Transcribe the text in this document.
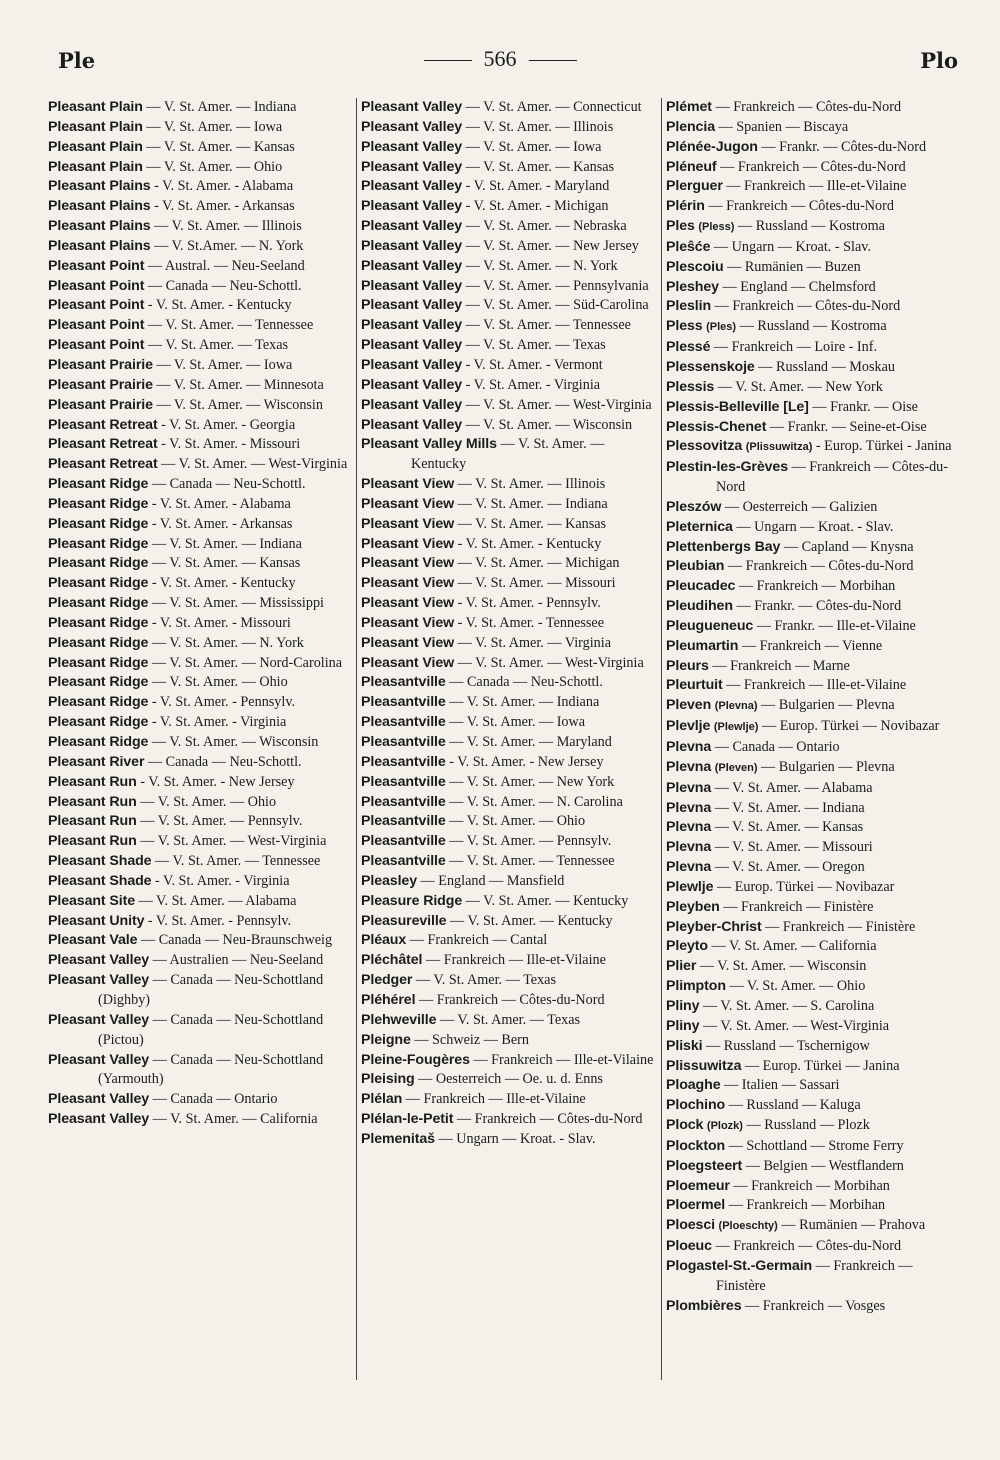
Ple	566	Plo
Pleasant Plain — V. St. Amer. — Indiana
Pleasant Plain — V. St. Amer. — Iowa
Pleasant Plain — V. St. Amer. — Kansas
Pleasant Plain — V. St. Amer. — Ohio
Pleasant Plains - V. St. Amer. - Alabama
Pleasant Plains - V. St. Amer. - Arkansas
Pleasant Plains — V. St. Amer. — Illinois
Pleasant Plains — V. St.Amer. — N. York
Pleasant Point — Austral. — Neu-Seeland
Pleasant Point — Canada — Neu-Schottl.
Pleasant Point - V. St. Amer. - Kentucky
Pleasant Point — V. St. Amer. — Tennessee
Pleasant Point — V. St. Amer. — Texas
Pleasant Prairie — V. St. Amer. — Iowa
Pleasant Prairie — V. St. Amer. — Minnesota
Pleasant Prairie — V. St. Amer. — Wisconsin
Pleasant Retreat - V. St. Amer. - Georgia
Pleasant Retreat - V. St. Amer. - Missouri
Pleasant Retreat — V. St. Amer. — West-Virginia
Pleasant Ridge — Canada — Neu-Schottl.
Pleasant Ridge - V. St. Amer. - Alabama
Pleasant Ridge - V. St. Amer. - Arkansas
Pleasant Ridge — V. St. Amer. — Indiana
Pleasant Ridge — V. St. Amer. — Kansas
Pleasant Ridge - V. St. Amer. - Kentucky
Pleasant Ridge — V. St. Amer. — Mississippi
Pleasant Ridge - V. St. Amer. - Missouri
Pleasant Ridge — V. St. Amer. — N. York
Pleasant Ridge — V. St. Amer. — Nord-Carolina
Pleasant Ridge — V. St. Amer. — Ohio
Pleasant Ridge - V. St. Amer. - Pennsylv.
Pleasant Ridge - V. St. Amer. - Virginia
Pleasant Ridge — V. St. Amer. — Wisconsin
Pleasant River — Canada — Neu-Schottl.
Pleasant Run - V. St. Amer. - New Jersey
Pleasant Run — V. St. Amer. — Ohio
Pleasant Run — V. St. Amer. — Pennsylv.
Pleasant Run — V. St. Amer. — West-Virginia
Pleasant Shade — V. St. Amer. — Tennessee
Pleasant Shade - V. St. Amer. - Virginia
Pleasant Site — V. St. Amer. — Alabama
Pleasant Unity - V. St. Amer. - Pennsylv.
Pleasant Vale — Canada — Neu-Braunschweig
Pleasant Valley — Australien — Neu-Seeland
Pleasant Valley — Canada — Neu-Schottland (Dighby)
Pleasant Valley — Canada — Neu-Schottland (Pictou)
Pleasant Valley — Canada — Neu-Schottland (Yarmouth)
Pleasant Valley — Canada — Ontario
Pleasant Valley — V. St. Amer. — California
Pleasant Valley — V. St. Amer. — Connecticut
Pleasant Valley — V. St. Amer. — Illinois
Pleasant Valley — V. St. Amer. — Iowa
Pleasant Valley — V. St. Amer. — Kansas
Pleasant Valley - V. St. Amer. - Maryland
Pleasant Valley - V. St. Amer. - Michigan
Pleasant Valley — V. St. Amer. — Nebraska
Pleasant Valley — V. St. Amer. — New Jersey
Pleasant Valley — V. St. Amer. — N. York
Pleasant Valley — V. St. Amer. — Pennsylvania
Pleasant Valley — V. St. Amer. — Süd-Carolina
Pleasant Valley — V. St. Amer. — Tennessee
Pleasant Valley — V. St. Amer. — Texas
Pleasant Valley - V. St. Amer. - Vermont
Pleasant Valley - V. St. Amer. - Virginia
Pleasant Valley — V. St. Amer. — West-Virginia
Pleasant Valley — V. St. Amer. — Wisconsin
Pleasant Valley Mills — V. St. Amer. — Kentucky
Pleasant View — V. St. Amer. — Illinois
Pleasant View — V. St. Amer. — Indiana
Pleasant View — V. St. Amer. — Kansas
Pleasant View - V. St. Amer. - Kentucky
Pleasant View — V. St. Amer. — Michigan
Pleasant View — V. St. Amer. — Missouri
Pleasant View - V. St. Amer. - Pennsylv.
Pleasant View - V. St. Amer. - Tennessee
Pleasant View — V. St. Amer. — Virginia
Pleasant View — V. St. Amer. — West-Virginia
Pleasantville — Canada — Neu-Schottl.
Pleasantville — V. St. Amer. — Indiana
Pleasantville — V. St. Amer. — Iowa
Pleasantville — V. St. Amer. — Maryland
Pleasantville - V. St. Amer. - New Jersey
Pleasantville — V. St. Amer. — New York
Pleasantville — V. St. Amer. — N. Carolina
Pleasantville — V. St. Amer. — Ohio
Pleasantville — V. St. Amer. — Pennsylv.
Pleasantville — V. St. Amer. — Tennessee
Pleasley — England — Mansfield
Pleasure Ridge — V. St. Amer. — Kentucky
Pleasureville — V. St. Amer. — Kentucky
Pléaux — Frankreich — Cantal
Pléchâtel — Frankreich — Ille-et-Vilaine
Pledger — V. St. Amer. — Texas
Pléhérel — Frankreich — Côtes-du-Nord
Plehweville — V. St. Amer. — Texas
Pleigne — Schweiz — Bern
Pleine-Fougères — Frankreich — Ille-et-Vilaine
Pleising — Oesterreich — Oe. u. d. Enns
Plélan — Frankreich — Ille-et-Vilaine
Plélan-le-Petit — Frankreich — Côtes-du-Nord
Plemenitaš — Ungarn — Kroat. - Slav.
Plémet — Frankreich — Côtes-du-Nord
Plencia — Spanien — Biscaya
Plénée-Jugon — Frankr. — Côtes-du-Nord
Pléneuf — Frankreich — Côtes-du-Nord
Plerguer — Frankreich — Ille-et-Vilaine
Plérin — Frankreich — Côtes-du-Nord
Ples (Pless) — Russland — Kostroma
Pleŝće — Ungarn — Kroat. - Slav.
Plescoiu — Rumänien — Buzen
Pleshey — England — Chelmsford
Pleslin — Frankreich — Côtes-du-Nord
Pless (Ples) — Russland — Kostroma
Plessé — Frankreich — Loire - Inf.
Plessenskoje — Russland — Moskau
Plessis — V. St. Amer. — New York
Plessis-Belleville [Le] — Frankr. — Oise
Plessis-Chenet — Frankr. — Seine-et-Oise
Plessovitza (Plissuwitza) - Europ. Türkei - Janina
Plestin-les-Grèves — Frankreich — Côtes-du-Nord
Pleszów — Oesterreich — Galizien
Pleternica — Ungarn — Kroat. - Slav.
Plettenbergs Bay — Capland — Knysna
Pleubian — Frankreich — Côtes-du-Nord
Pleucadec — Frankreich — Morbihan
Pleudihen — Frankr. — Côtes-du-Nord
Pleugueneuc — Frankr. — Ille-et-Vilaine
Pleumartin — Frankreich — Vienne
Pleurs — Frankreich — Marne
Pleurtuit — Frankreich — Ille-et-Vilaine
Pleven (Plevna) — Bulgarien — Plevna
Plevlje (Plewlje) — Europ. Türkei — Novibazar
Plevna — Canada — Ontario
Plevna (Pleven) — Bulgarien — Plevna
Plevna — V. St. Amer. — Alabama
Plevna — V. St. Amer. — Indiana
Plevna — V. St. Amer. — Kansas
Plevna — V. St. Amer. — Missouri
Plevna — V. St. Amer. — Oregon
Plewlje — Europ. Türkei — Novibazar
Pleyben — Frankreich — Finistère
Pleyber-Christ — Frankreich — Finistère
Pleyto — V. St. Amer. — California
Plier — V. St. Amer. — Wisconsin
Plimpton — V. St. Amer. — Ohio
Pliny — V. St. Amer. — S. Carolina
Pliny — V. St. Amer. — West-Virginia
Pliski — Russland — Tschernigow
Plissuwitza — Europ. Türkei — Janina
Ploaghe — Italien — Sassari
Plochino — Russland — Kaluga
Plock (Plozk) — Russland — Plozk
Plockton — Schottland — Strome Ferry
Ploegsteert — Belgien — Westflandern
Ploemeur — Frankreich — Morbihan
Ploermel — Frankreich — Morbihan
Ploesci (Ploeschty) — Rumänien — Prahova
Ploeuc — Frankreich — Côtes-du-Nord
Plogastel-St.-Germain — Frankreich — Finistère
Plombières — Frankreich — Vosges
